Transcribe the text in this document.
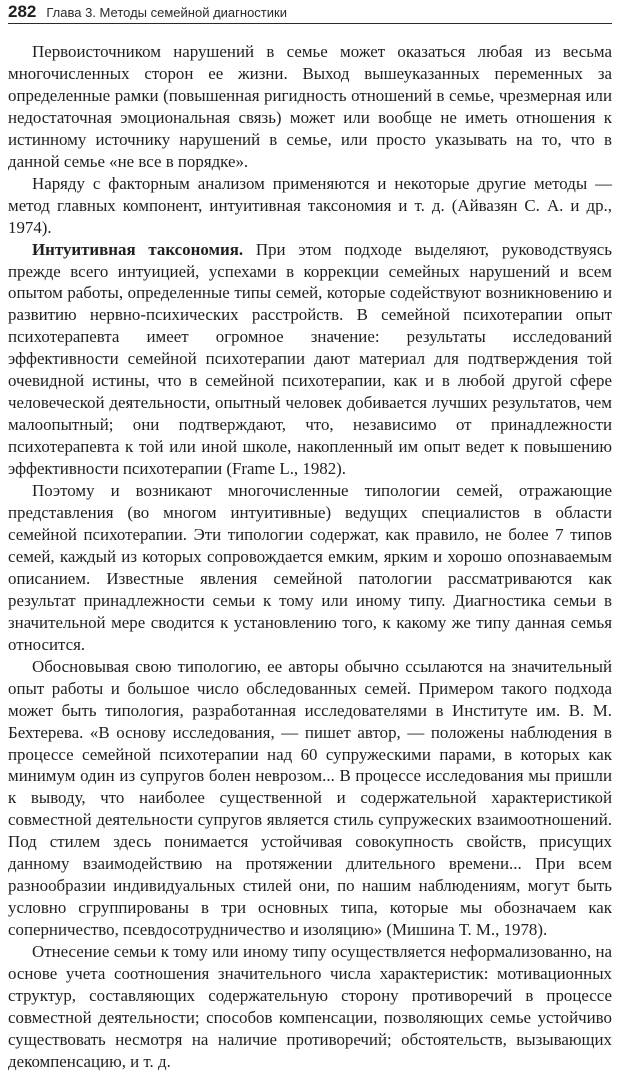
282 Глава 3. Методы семейной диагностики

Первоисточником нарушений в семье может оказаться любая из весьма многочисленных сторон ее жизни. Выход вышеуказанных переменных за определенные рамки (повышенная ригидность отношений в семье, чрезмерная или недостаточная эмоциональная связь) может или вообще не иметь отношения к истинному источнику нарушений в семье, или просто указывать на то, что в данной семье «не все в порядке».

Наряду с факторным анализом применяются и некоторые другие методы — метод главных компонент, интуитивная таксономия и т. д. (Айвазян С. А. и др., 1974).

Интуитивная таксономия. При этом подходе выделяют, руководствуясь прежде всего интуицией, успехами в коррекции семейных нарушений и всем опытом работы, определенные типы семей, которые содействуют возникновению и развитию нервно-психических расстройств. В семейной психотерапии опыт психотерапевта имеет огромное значение: результаты исследований эффективности семейной психотерапии дают материал для подтверждения той очевидной истины, что в семейной психотерапии, как и в любой другой сфере человеческой деятельности, опытный человек добивается лучших результатов, чем малоопытный; они подтверждают, что, независимо от принадлежности психотерапевта к той или иной школе, накопленный им опыт ведет к повышению эффективности психотерапии (Frame L., 1982).

Поэтому и возникают многочисленные типологии семей, отражающие представления (во многом интуитивные) ведущих специалистов в области семейной психотерапии. Эти типологии содержат, как правило, не более 7 типов семей, каждый из которых сопровождается емким, ярким и хорошо опознаваемым описанием. Известные явления семейной патологии рассматриваются как результат принадлежности семьи к тому или иному типу. Диагностика семьи в значительной мере сводится к установлению того, к какому же типу данная семья относится.

Обосновывая свою типологию, ее авторы обычно ссылаются на значительный опыт работы и большое число обследованных семей. Примером такого подхода может быть типология, разработанная исследователями в Институте им. В. М. Бехтерева. «В основу исследования, — пишет автор, — положены наблюдения в процессе семейной психотерапии над 60 супружескими парами, в которых как минимум один из супругов болен неврозом... В процессе исследования мы пришли к выводу, что наиболее существенной и содержательной характеристикой совместной деятельности супругов является стиль супружеских взаимоотношений. Под стилем здесь понимается устойчивая совокупность свойств, присущих данному взаимодействию на протяжении длительного времени... При всем разнообразии индивидуальных стилей они, по нашим наблюдениям, могут быть условно сгруппированы в три основных типа, которые мы обозначаем как соперничество, псевдосотрудничество и изоляцию» (Мишина Т. М., 1978).

Отнесение семьи к тому или иному типу осуществляется неформализованно, на основе учета соотношения значительного числа характеристик: мотивационных структур, составляющих содержательную сторону противоречий в процессе совместной деятельности; способов компенсации, позволяющих семье устойчиво существовать несмотря на наличие противоречий; обстоятельств, вызывающих декомпенсацию, и т. д.
